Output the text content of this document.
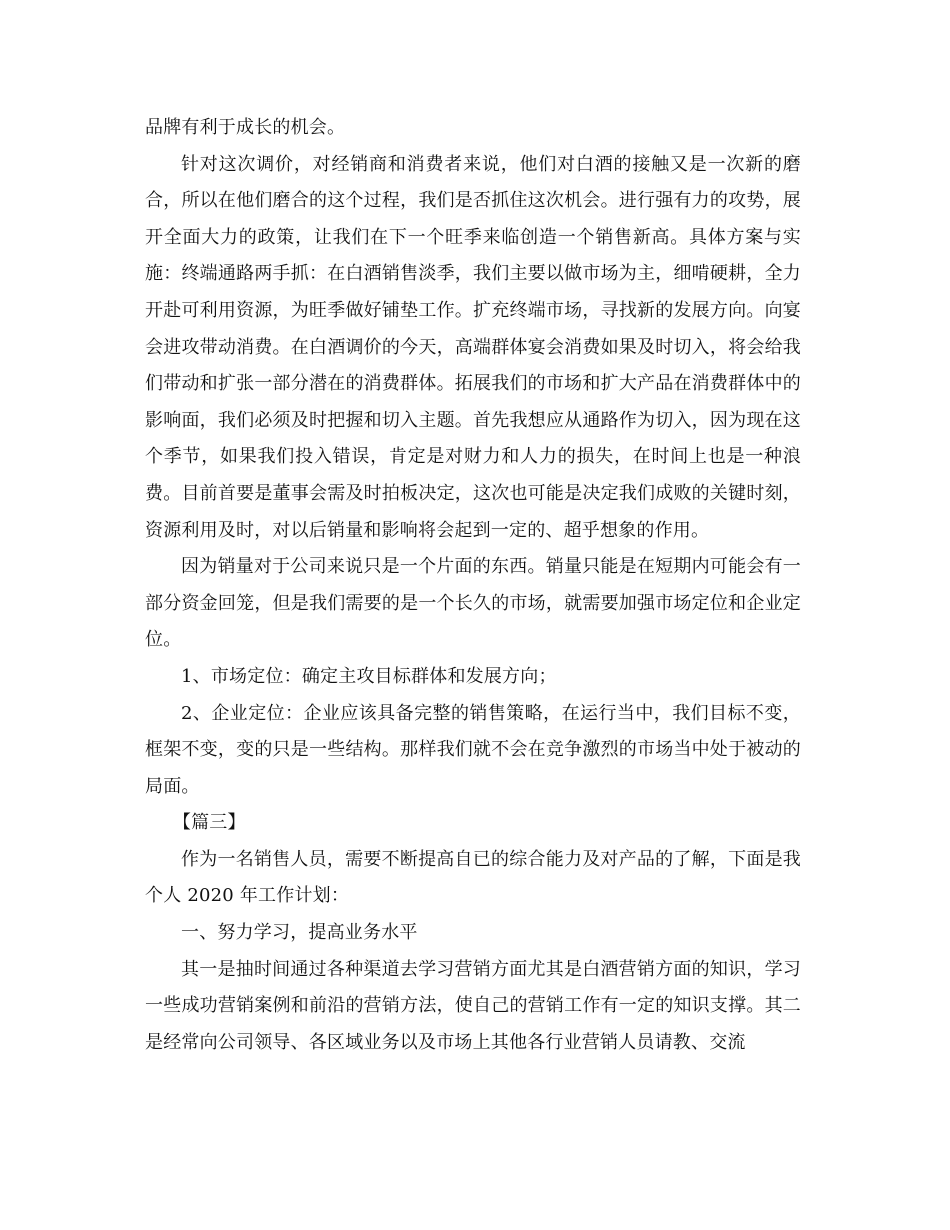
品牌有利于成长的机会。

针对这次调价，对经销商和消费者来说，他们对白酒的接触又是一次新的磨合，所以在他们磨合的这个过程，我们是否抓住这次机会。进行强有力的攻势，展开全面大力的政策，让我们在下一个旺季来临创造一个销售新高。具体方案与实施：终端通路两手抓：在白酒销售淡季，我们主要以做市场为主，细啃硬耕，全力开赴可利用资源，为旺季做好铺垫工作。扩充终端市场，寻找新的发展方向。向宴会进攻带动消费。在白酒调价的今天，高端群体宴会消费如果及时切入，将会给我们带动和扩张一部分潜在的消费群体。拓展我们的市场和扩大产品在消费群体中的影响面，我们必须及时把握和切入主题。首先我想应从通路作为切入，因为现在这个季节，如果我们投入错误，肯定是对财力和人力的损失，在时间上也是一种浪费。目前首要是董事会需及时拍板决定，这次也可能是决定我们成败的关键时刻，资源利用及时，对以后销量和影响将会起到一定的、超乎想象的作用。

因为销量对于公司来说只是一个片面的东西。销量只能是在短期内可能会有一部分资金回笼，但是我们需要的是一个长久的市场，就需要加强市场定位和企业定位。

1、市场定位：确定主攻目标群体和发展方向；

2、企业定位：企业应该具备完整的销售策略，在运行当中，我们目标不变，框架不变，变的只是一些结构。那样我们就不会在竞争激烈的市场当中处于被动的局面。

【篇三】

作为一名销售人员，需要不断提高自已的综合能力及对产品的了解，下面是我个人 2020 年工作计划：

一、努力学习，提高业务水平

其一是抽时间通过各种渠道去学习营销方面尤其是白酒营销方面的知识，学习一些成功营销案例和前沿的营销方法，使自己的营销工作有一定的知识支撑。其二是经常向公司领导、各区域业务以及市场上其他各行业营销人员请教、交流
